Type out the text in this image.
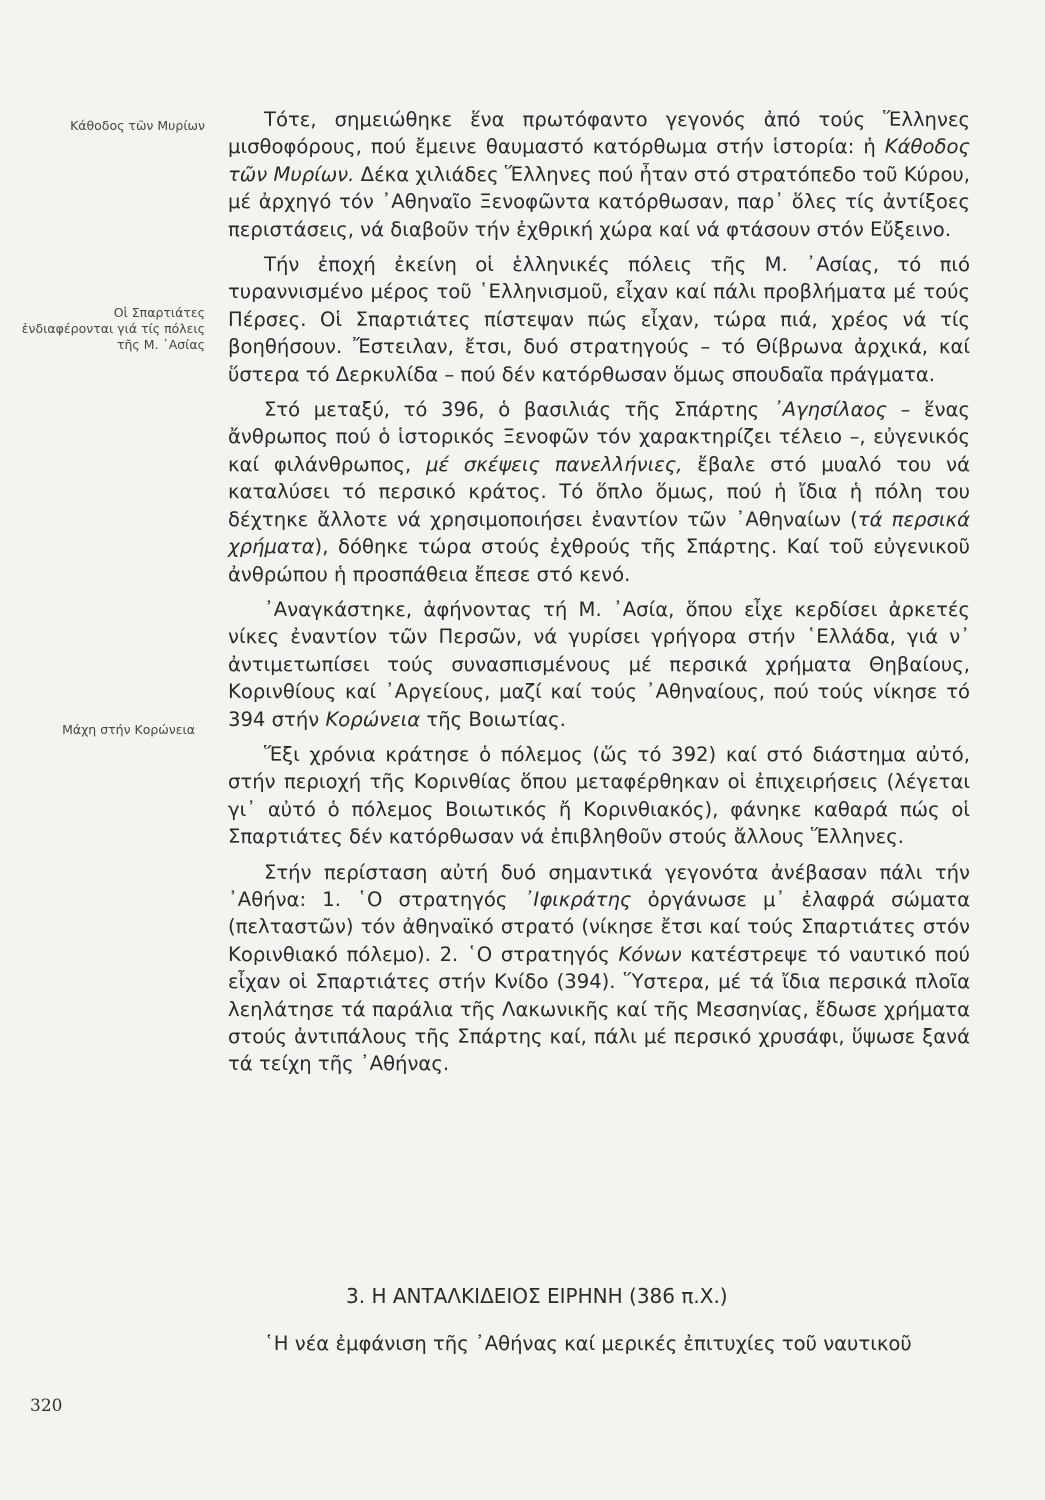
Κάθοδος τῶν Μυρίων
Οἱ Σπαρτιάτες ἐνδιαφέρονται γιά τίς πόλεις τῆς Μ. ᾿Ασίας
Μάχη στήν Κορώνεια

Τότε, σημειώθηκε ἕνα πρωτόφαντο γεγονός ἀπό τούς Ἕλληνες μισθοφόρους, πού ἔμεινε θαυμαστό κατόρθωμα στήν ἱστορία: ἡ Κάθοδος τῶν Μυρίων. Δέκα χιλιάδες Ἕλληνες πού ἦταν στό στρατόπεδο τοῦ Κύρου, μέ ἀρχηγό τόν ᾿Αθηναῖο Ξενοφῶντα κατόρθωσαν, παρ᾿ ὅλες τίς ἀντίξοες περιστάσεις, νά διαβοῦν τήν ἐχθρική χώρα καί νά φτάσουν στόν Εὔξεινο.

Τήν ἐποχή ἐκείνη οἱ ἑλληνικές πόλεις τῆς Μ. ᾿Ασίας, τό πιό τυραννισμένο μέρος τοῦ ῾Ελληνισμοῦ, εἶχαν καί πάλι προβλήματα μέ τούς Πέρσες. Οἱ Σπαρτιάτες πίστεψαν πώς εἶχαν, τώρα πιά, χρέος νά τίς βοηθήσουν. Ἔστειλαν, ἔτσι, δυό στρατηγούς – τό Θίβρωνα ἀρχικά, καί ὕστερα τό Δερκυλίδα – πού δέν κατόρθωσαν ὅμως σπουδαῖα πράγματα.

Στό μεταξύ, τό 396, ὁ βασιλιάς τῆς Σπάρτης ᾿Αγησίλαος – ἕνας ἄνθρωπος πού ὁ ἱστορικός Ξενοφῶν τόν χαρακτηρίζει τέλειο –, εὐγενικός καί φιλάνθρωπος, μέ σκέψεις πανελλήνιες, ἔβαλε στό μυαλό του νά καταλύσει τό περσικό κράτος. Τό ὅπλο ὅμως, πού ἡ ἴδια ἡ πόλη του δέχτηκε ἄλλοτε νά χρησιμοποιήσει ἐναντίον τῶν ᾿Αθηναίων (τά περσικά χρήματα), δόθηκε τώρα στούς ἐχθρούς τῆς Σπάρτης. Καί τοῦ εὐγενικοῦ ἀνθρώπου ἡ προσπάθεια ἔπεσε στό κενό.

᾿Αναγκάστηκε, ἀφήνοντας τή Μ. ᾿Ασία, ὅπου εἶχε κερδίσει ἀρκετές νίκες ἐναντίον τῶν Περσῶν, νά γυρίσει γρήγορα στήν ῾Ελλάδα, γιά ν᾿ ἀντιμετωπίσει τούς συνασπισμένους μέ περσικά χρήματα Θηβαίους, Κορινθίους καί ᾿Αργείους, μαζί καί τούς ᾿Αθηναίους, πού τούς νίκησε τό 394 στήν Κορώνεια τῆς Βοιωτίας.

Ἕξι χρόνια κράτησε ὁ πόλεμος (ὥς τό 392) καί στό διάστημα αὐτό, στήν περιοχή τῆς Κορινθίας ὅπου μεταφέρθηκαν οἱ ἐπιχειρήσεις (λέγεται γι᾿ αὐτό ὁ πόλεμος Βοιωτικός ἤ Κορινθιακός), φάνηκε καθαρά πώς οἱ Σπαρτιάτες δέν κατόρθωσαν νά ἐπιβληθοῦν στούς ἄλλους Ἕλληνες.

Στήν περίσταση αὐτή δυό σημαντικά γεγονότα ἀνέβασαν πάλι τήν ᾿Αθήνα: 1. ῾Ο στρατηγός ᾿Ιφικράτης ὀργάνωσε μ᾿ ἐλαφρά σώματα (πελταστῶν) τόν ἀθηναϊκό στρατό (νίκησε ἔτσι καί τούς Σπαρτιάτες στόν Κορινθιακό πόλεμο). 2. ῾Ο στρατηγός Κόνων κατέστρεψε τό ναυτικό πού εἶχαν οἱ Σπαρτιάτες στήν Κνίδο (394). Ὕστερα, μέ τά ἴδια περσικά πλοῖα λεηλάτησε τά παράλια τῆς Λακωνικῆς καί τῆς Μεσσηνίας, ἔδωσε χρήματα στούς ἀντιπάλους τῆς Σπάρτης καί, πάλι μέ περσικό χρυσάφι, ὕψωσε ξανά τά τείχη τῆς ᾿Αθήνας.

3. Η ΑΝΤΑΛΚΙΔΕΙΟΣ ΕΙΡΗΝΗ (386 π.Χ.)
῾Η νέα ἐμφάνιση τῆς ᾿Αθήνας καί μερικές ἐπιτυχίες τοῦ ναυτικοῦ
320
